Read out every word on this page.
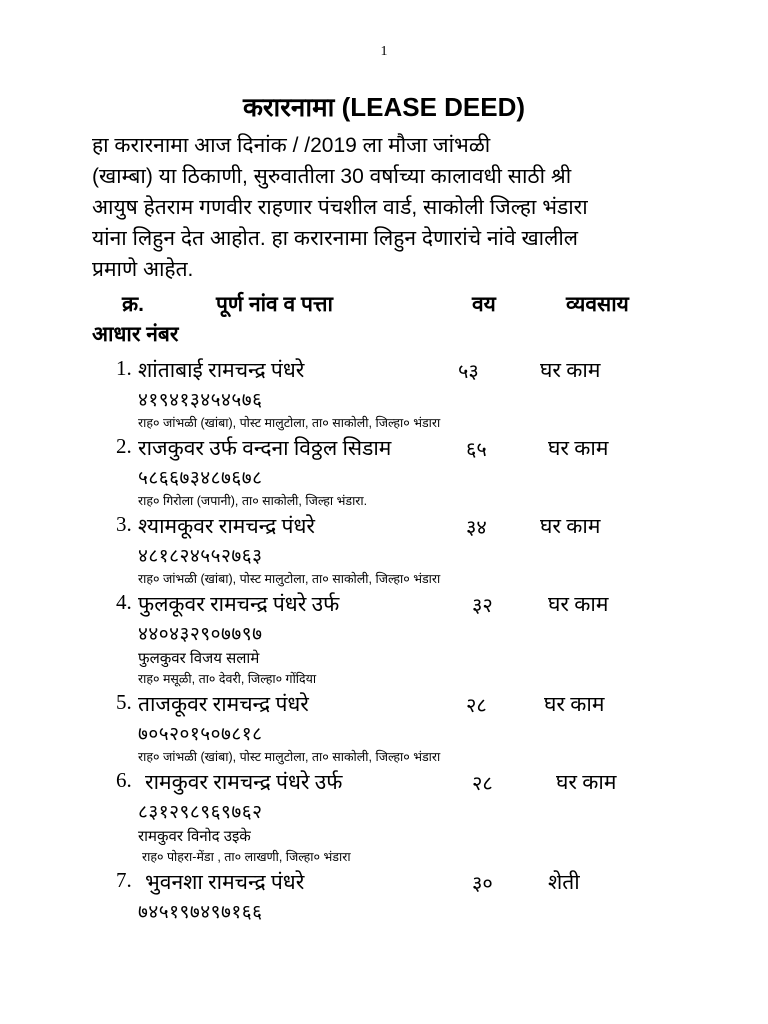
1
करारनामा (LEASE DEED)
हा करारनामा आज दिनांक / /2019 ला मौजा जांभळी
(खाम्बा) या ठिकाणी, सुरुवातीला 30 वर्षाच्या कालावधी साठी श्री
आयुष हेतराम गणवीर राहणार पंचशील वार्ड, साकोली जिल्हा भंडारा
यांना लिहुन देत आहोत. हा करारनामा लिहुन देणारांचे नांवे खालील
प्रमाणे आहेत.
क्र.	पूर्ण नांव व पत्ता	वय	व्यवसाय
आधार नंबर
1. शांताबाई रामचन्द्र पंधरे	५३	घर काम
४१९४१३४५४५७६
राह० जांभळी (खांबा), पोस्ट मालुटोला, ता० साकोली, जिल्हा० भंडारा
2. राजकुवर उर्फ वन्दना विठ्ठल सिडाम	६५	घर काम
५८६६७३४८७६७८
राह० गिरोला (जपानी), ता० साकोली, जिल्हा भंडारा.
3. श्यामकूवर रामचन्द्र पंधरे	३४	घर काम
४८१८२४५५२७६३
राह० जांभळी (खांबा), पोस्ट मालुटोला, ता० साकोली, जिल्हा० भंडारा
4. फुलकूवर रामचन्द्र पंधरे उर्फ	३२	घर काम
४४०४३२९०७७९७
फुलकुवर विजय सलामे
राह० मसूळी, ता० देवरी, जिल्हा० गोंदिया
5. ताजकूवर रामचन्द्र पंधरे	२८	घर काम
७०५२०१५०७८१८
राह० जांभळी (खांबा), पोस्ट मालुटोला, ता० साकोली, जिल्हा० भंडारा
6. रामकुवर रामचन्द्र पंधरे उर्फ	२८	घर काम
८३१२९८९६९७६२
रामकुवर विनोद उइके
राह० पोहरा-मेंडा , ता० लाखणी, जिल्हा० भंडारा
7. भुवनशा रामचन्द्र पंधरे	३०	शेती
७४५१९७४९७१६६
